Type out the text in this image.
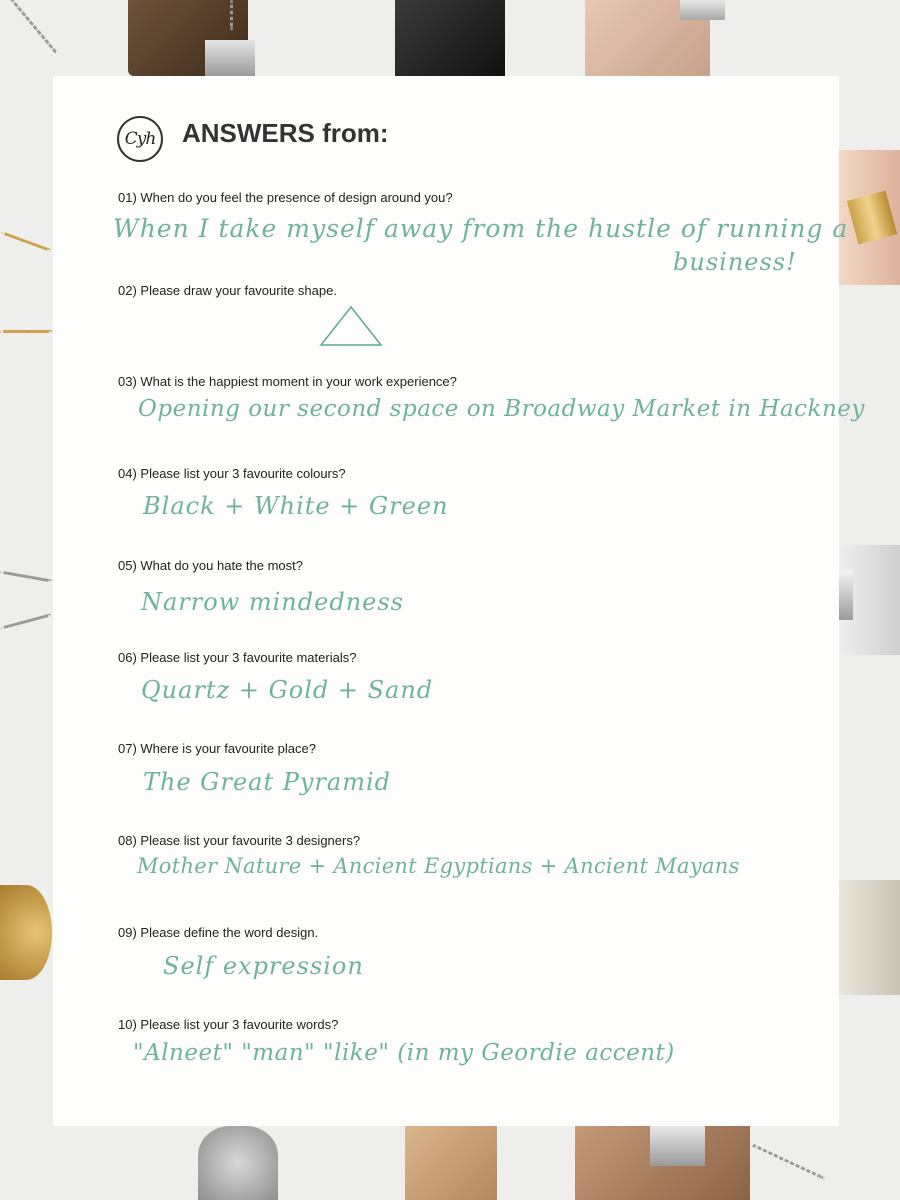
Cyh ANSWERS from:
01) When do you feel the presence of design around you?
When I take myself away from the hustle of running a
business!
02) Please draw your favourite shape.
03) What is the happiest moment in your work experience?
Opening our second space on Broadway Market in Hackney
04) Please list your 3 favourite colours?
Black + White + Green
05) What do you hate the most?
Narrow mindedness
06) Please list your 3 favourite materials?
Quartz + Gold + Sand
07) Where is your favourite place?
The Great Pyramid
08) Please list your favourite 3 designers?
Mother Nature + Ancient Egyptians + Ancient Mayans
09) Please define the word design.
Self expression
10) Please list your 3 favourite words?
"Alneet" "man" "like" (in my Geordie accent)
